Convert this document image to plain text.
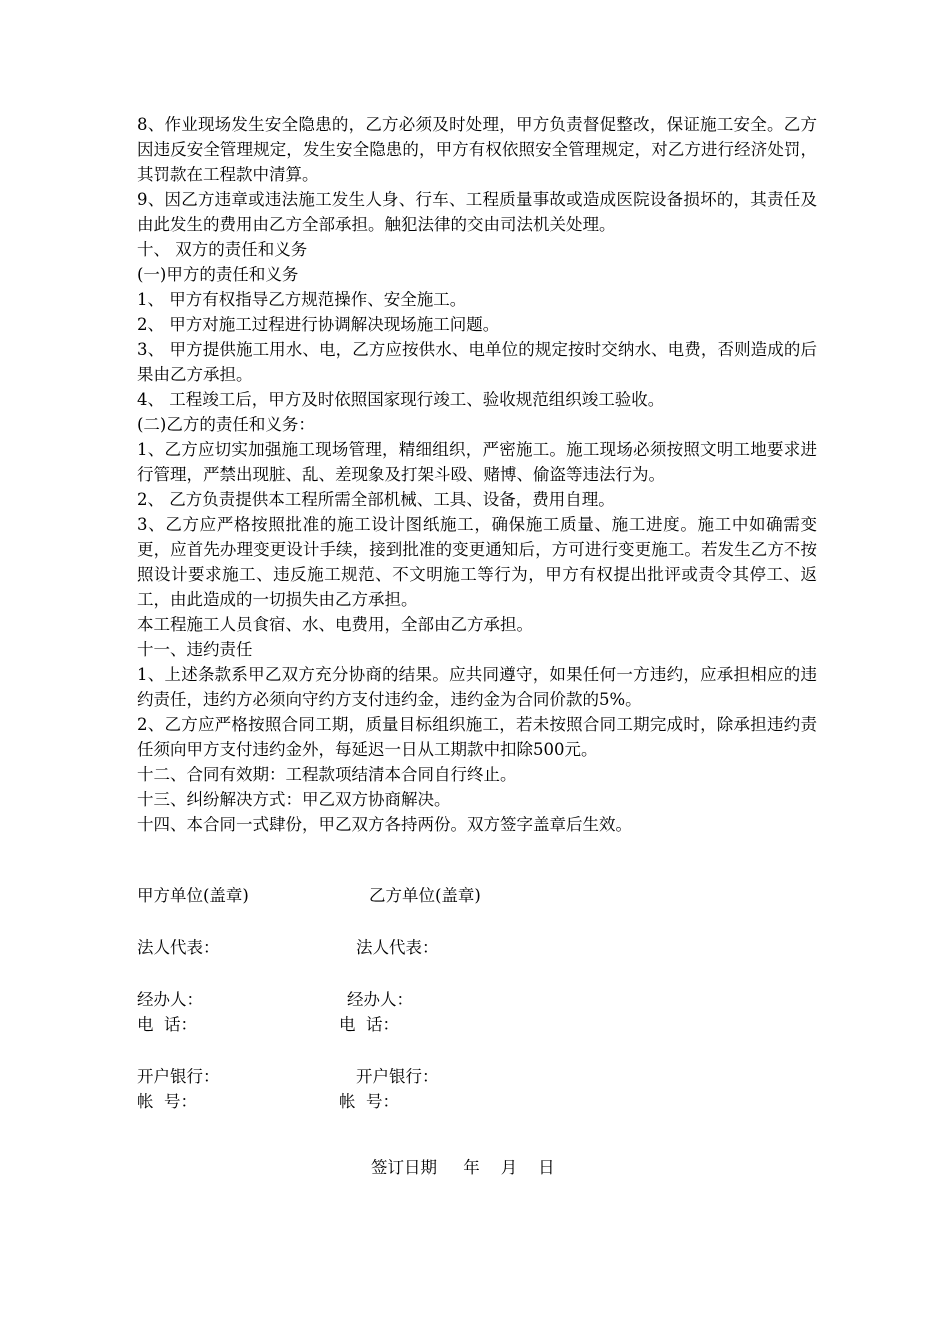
8、作业现场发生安全隐患的，乙方必须及时处理，甲方负责督促整改，保证施工安全。乙方因违反安全管理规定，发生安全隐患的，甲方有权依照安全管理规定，对乙方进行经济处罚，其罚款在工程款中清算。

9、因乙方违章或违法施工发生人身、行车、工程质量事故或造成医院设备损坏的，其责任及由此发生的费用由乙方全部承担。触犯法律的交由司法机关处理。

十、 双方的责任和义务

(一)甲方的责任和义务

1、 甲方有权指导乙方规范操作、安全施工。

2、 甲方对施工过程进行协调解决现场施工问题。

3、 甲方提供施工用水、电，乙方应按供水、电单位的规定按时交纳水、电费，否则造成的后果由乙方承担。

4、 工程竣工后，甲方及时依照国家现行竣工、验收规范组织竣工验收。

(二)乙方的责任和义务：

1、乙方应切实加强施工现场管理，精细组织，严密施工。施工现场必须按照文明工地要求进行管理，严禁出现脏、乱、差现象及打架斗殴、赌博、偷盗等违法行为。

2、 乙方负责提供本工程所需全部机械、工具、设备，费用自理。

3、乙方应严格按照批准的施工设计图纸施工，确保施工质量、施工进度。施工中如确需变更，应首先办理变更设计手续，接到批准的变更通知后，方可进行变更施工。若发生乙方不按照设计要求施工、违反施工规范、不文明施工等行为，甲方有权提出批评或责令其停工、返工，由此造成的一切损失由乙方承担。

本工程施工人员食宿、水、电费用，全部由乙方承担。

十一、违约责任

1、上述条款系甲乙双方充分协商的结果。应共同遵守，如果任何一方违约，应承担相应的违约责任，违约方必须向守约方支付违约金，违约金为合同价款的5%。

2、乙方应严格按照合同工期，质量目标组织施工，若未按照合同工期完成时，除承担违约责任须向甲方支付违约金外，每延迟一日从工期款中扣除500元。

十二、合同有效期：工程款项结清本合同自行终止。

十三、纠纷解决方式：甲乙双方协商解决。

十四、本合同一式肆份，甲乙双方各持两份。双方签字盖章后生效。

甲方单位(盖章)	乙方单位(盖章)
法人代表：	法人代表：
经办人：	经办人：
电  话：	电  话：
开户银行：	开户银行：
帐  号：	帐  号：
签订日期     年    月    日
